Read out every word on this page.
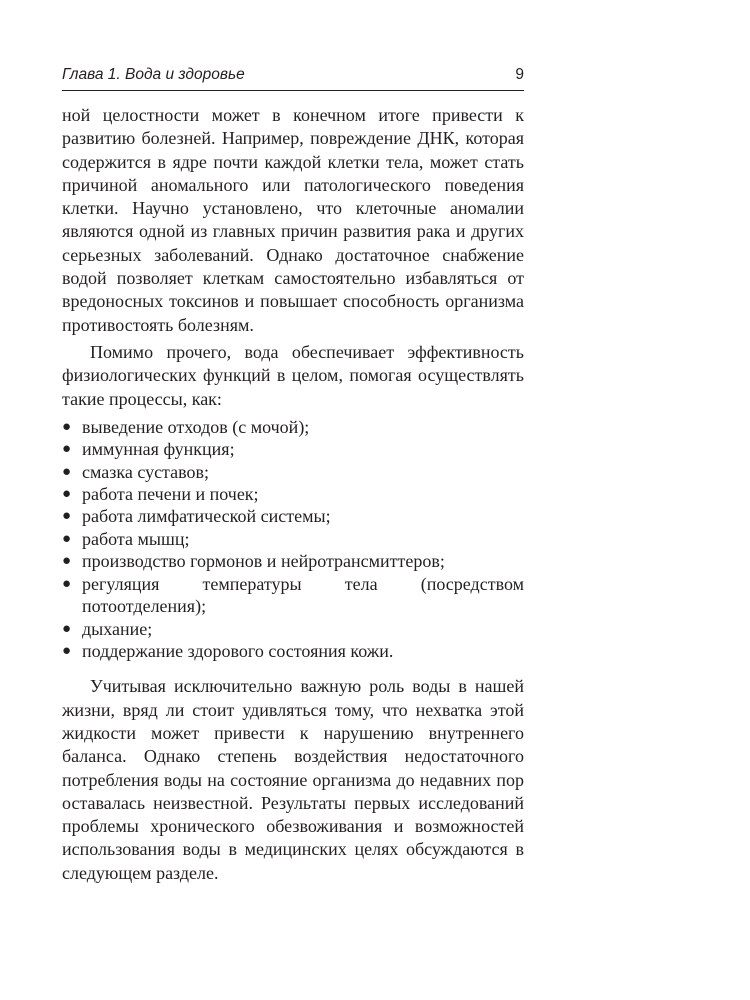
Глава 1. Вода и здоровье	9

ной целостности может в конечном итоге привести к развитию болезней. Например, повреждение ДНК, которая содержится в ядре почти каждой клетки тела, может стать причиной аномального или патологического поведения клетки. Научно установлено, что клеточные аномалии являются одной из главных причин развития рака и других серьезных заболеваний. Однако достаточное снабжение водой позволяет клеткам самостоятельно избавляться от вредоносных токсинов и повышает способность организма противостоять болезням.

Помимо прочего, вода обеспечивает эффективность физиологических функций в целом, помогая осуществлять такие процессы, как:

● выведение отходов (с мочой);
● иммунная функция;
● смазка суставов;
● работа печени и почек;
● работа лимфатической системы;
● работа мышц;
● производство гормонов и нейротрансмиттеров;
● регуляция температуры тела (посредством потоотделения);
● дыхание;
● поддержание здорового состояния кожи.

Учитывая исключительно важную роль воды в нашей жизни, вряд ли стоит удивляться тому, что нехватка этой жидкости может привести к нарушению внутреннего баланса. Однако степень воздействия недостаточного потребления воды на состояние организма до недавних пор оставалась неизвестной. Результаты первых исследований проблемы хронического обезвоживания и возможностей использования воды в медицинских целях обсуждаются в следующем разделе.
